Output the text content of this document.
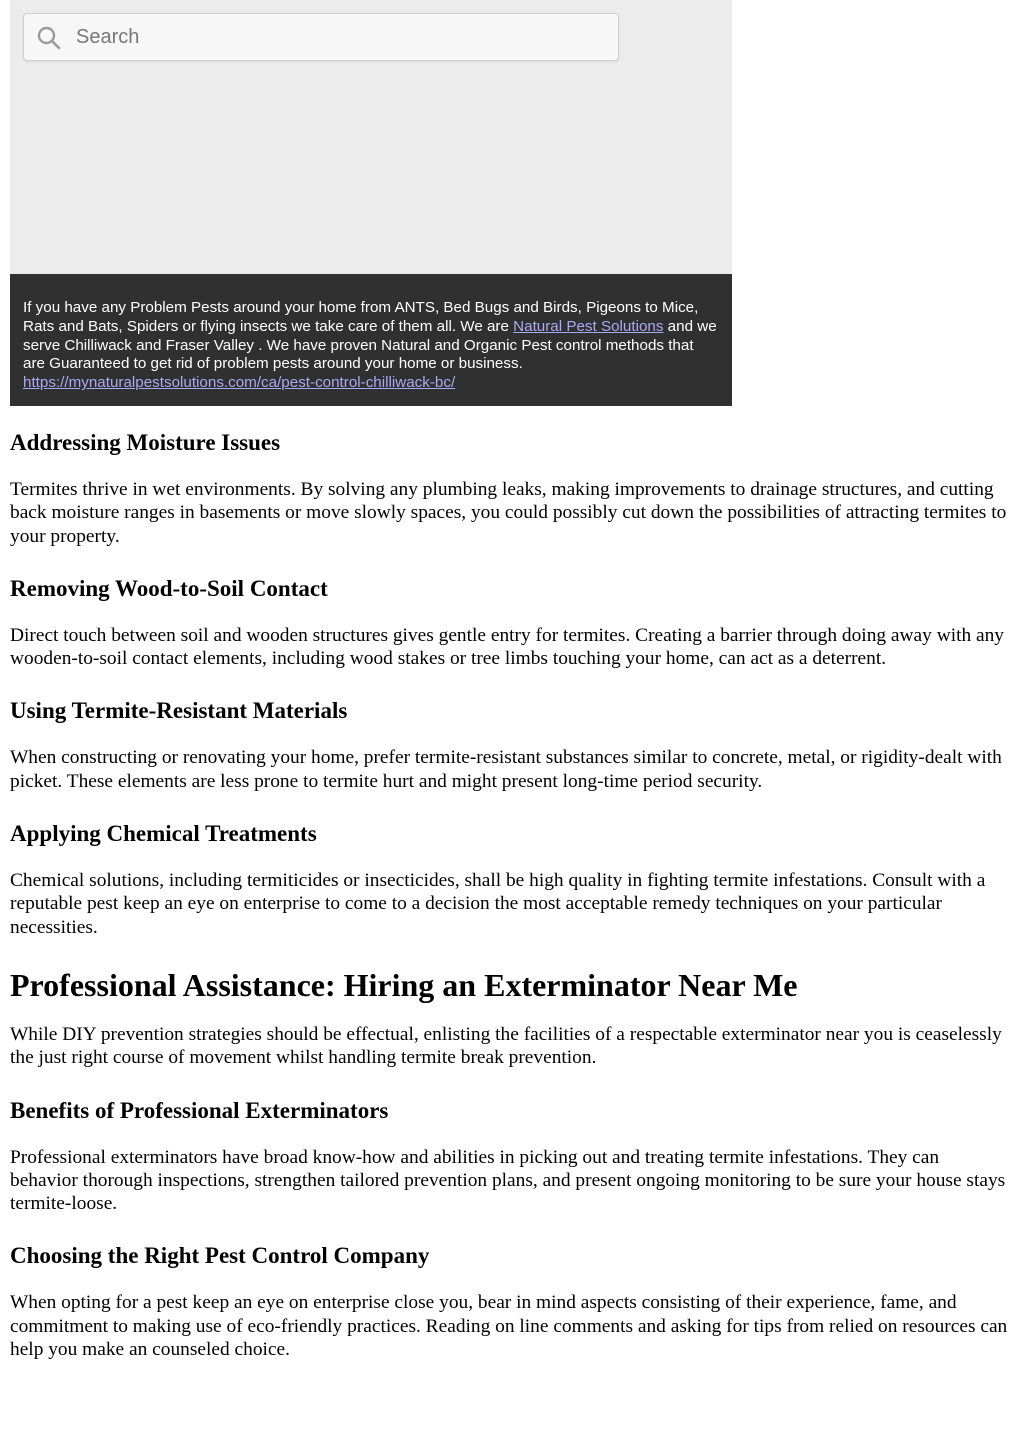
Search
If you have any Problem Pests around your home from ANTS, Bed Bugs and Birds, Pigeons to Mice, Rats and Bats, Spiders or flying insects we take care of them all. We are Natural Pest Solutions and we serve Chilliwack and Fraser Valley . We have proven Natural and Organic Pest control methods that are Guaranteed to get rid of problem pests around your home or business.
https://mynaturalpestsolutions.com/ca/pest-control-chilliwack-bc/
Addressing Moisture Issues

Termites thrive in wet environments. By solving any plumbing leaks, making improvements to drainage structures, and cutting back moisture ranges in basements or move slowly spaces, you could possibly cut down the possibilities of attracting termites to your property.

Removing Wood-to-Soil Contact

Direct touch between soil and wooden structures gives gentle entry for termites. Creating a barrier through doing away with any wooden-to-soil contact elements, including wood stakes or tree limbs touching your home, can act as a deterrent.

Using Termite-Resistant Materials

When constructing or renovating your home, prefer termite-resistant substances similar to concrete, metal, or rigidity-dealt with picket. These elements are less prone to termite hurt and might present long-time period security.

Applying Chemical Treatments

Chemical solutions, including termiticides or insecticides, shall be high quality in fighting termite infestations. Consult with a reputable pest keep an eye on enterprise to come to a decision the most acceptable remedy techniques on your particular necessities.

Professional Assistance: Hiring an Exterminator Near Me

While DIY prevention strategies should be effectual, enlisting the facilities of a respectable exterminator near you is ceaselessly the just right course of movement whilst handling termite break prevention.

Benefits of Professional Exterminators

Professional exterminators have broad know-how and abilities in picking out and treating termite infestations. They can behavior thorough inspections, strengthen tailored prevention plans, and present ongoing monitoring to be sure your house stays termite-loose.

Choosing the Right Pest Control Company

When opting for a pest keep an eye on enterprise close you, bear in mind aspects consisting of their experience, fame, and commitment to making use of eco-friendly practices. Reading on line comments and asking for tips from relied on resources can help you make an counseled choice.
